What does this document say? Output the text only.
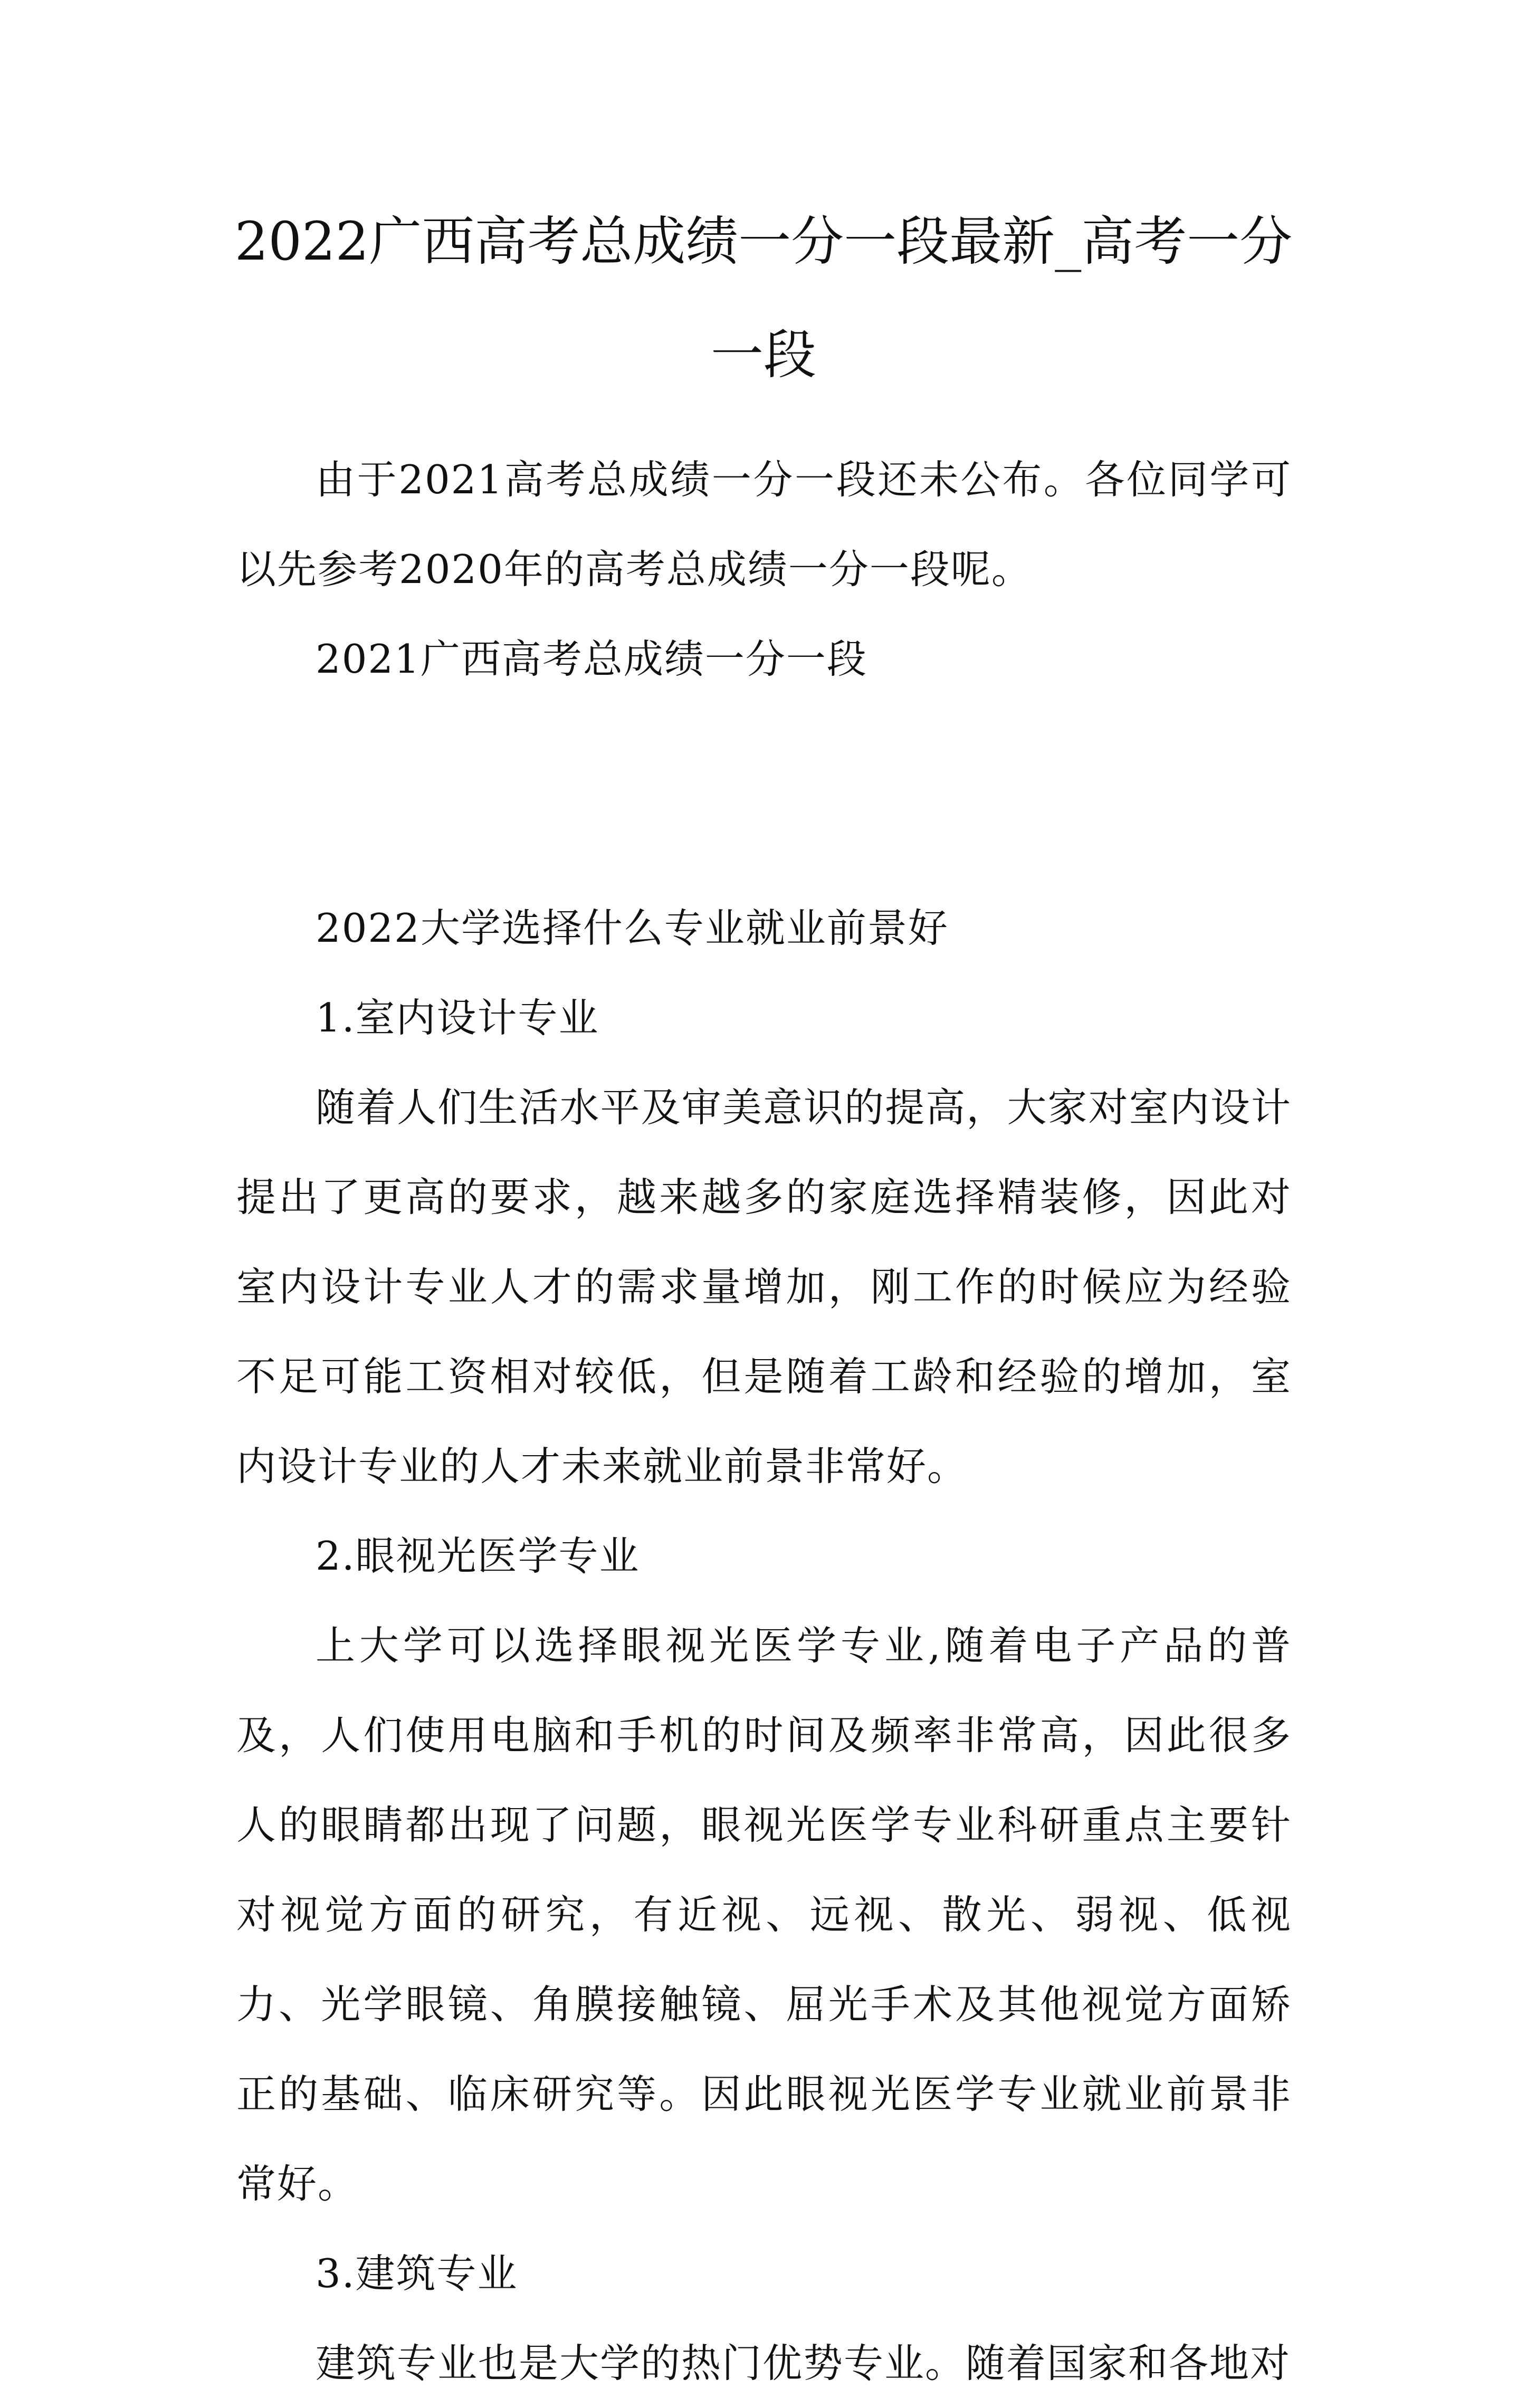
2022广西高考总成绩一分一段最新_高考一分一段

由于2021高考总成绩一分一段还未公布。各位同学可以先参考2020年的高考总成绩一分一段呢。

2021广西高考总成绩一分一段

2022大学选择什么专业就业前景好

1.室内设计专业

随着人们生活水平及审美意识的提高，大家对室内设计提出了更高的要求，越来越多的家庭选择精装修，因此对室内设计专业人才的需求量增加，刚工作的时候应为经验不足可能工资相对较低，但是随着工龄和经验的增加，室内设计专业的人才未来就业前景非常好。

2.眼视光医学专业

上大学可以选择眼视光医学专业,随着电子产品的普及，人们使用电脑和手机的时间及频率非常高，因此很多人的眼睛都出现了问题，眼视光医学专业科研重点主要针对视觉方面的研究，有近视、远视、散光、弱视、低视力、光学眼镜、角膜接触镜、屈光手术及其他视觉方面矫正的基础、临床研究等。因此眼视光医学专业就业前景非常好。

3.建筑专业

建筑专业也是大学的热门优势专业。随着国家和各地对
